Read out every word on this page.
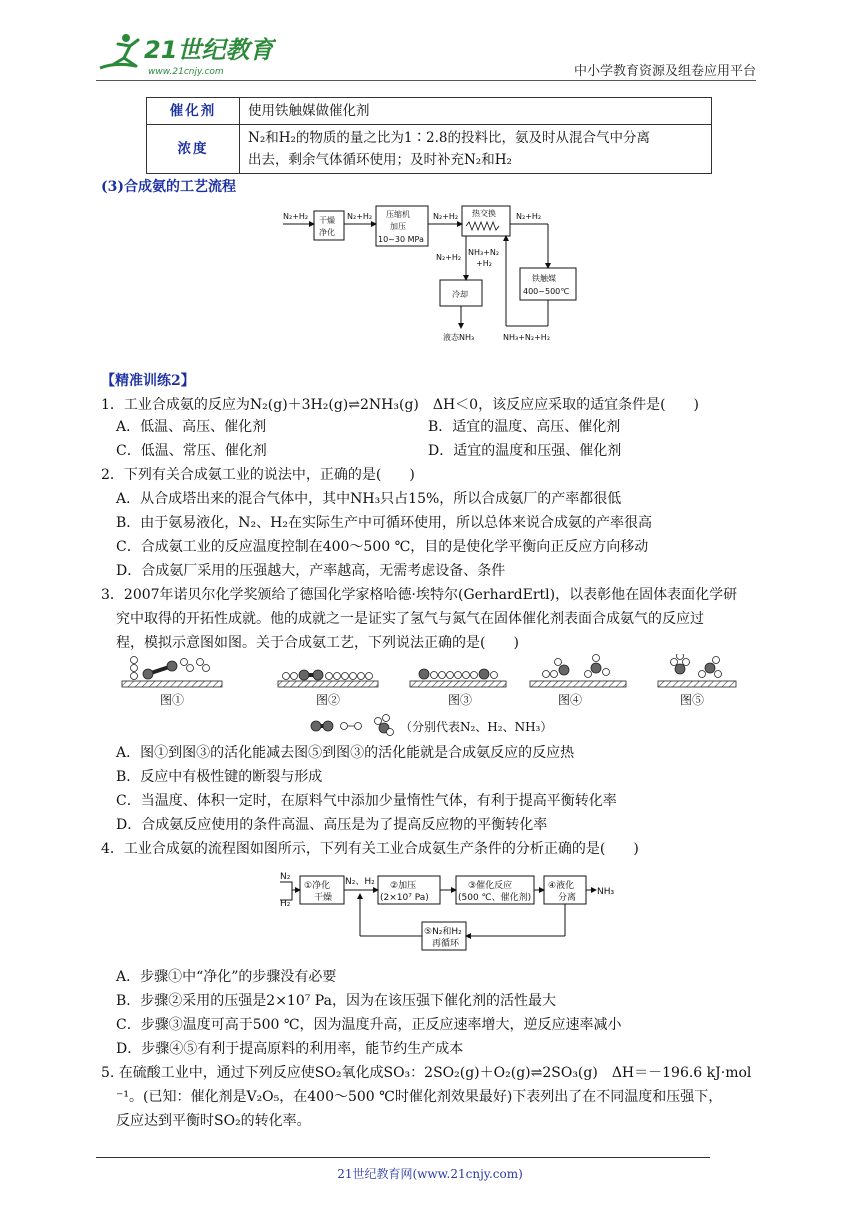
21世纪教育
www.21cnjy.com	中小学教育资源及组卷应用平台
催化剂	使用铁触媒做催化剂
浓度	N₂和H₂的物质的量之比为1∶2.8的投料比，氨及时从混合气中分离
出去，剩余气体循环使用；及时补充N₂和H₂
(3)合成氨的工艺流程
N₂+H₂ 干燥
净化
N₂+H₂ 压缩机
加压
10~30 MPa
N₂+H₂ 热交换	N₂+H₂
铁触媒
400~500℃
NH₃+N₂
+H₂
N₂+H₂
冷却
液态NH₃	NH₃+N₂+H₂
【精准训练2】
1．工业合成氨的反应为N₂(g)＋3H₂(g)⇌2NH₃(g)　ΔH＜0，该反应应采取的适宜条件是(　　)
A．低温、高压、催化剂	B．适宜的温度、高压、催化剂
C．低温、常压、催化剂	D．适宜的温度和压强、催化剂
2．下列有关合成氨工业的说法中，正确的是(　　)
A．从合成塔出来的混合气体中，其中NH₃只占15%，所以合成氨厂的产率都很低
B．由于氨易液化，N₂、H₂在实际生产中可循环使用，所以总体来说合成氨的产率很高
C．合成氨工业的反应温度控制在400～500 ℃，目的是使化学平衡向正反应方向移动
D．合成氨厂采用的压强越大，产率越高，无需考虑设备、条件
3．2007年诺贝尔化学奖颁给了德国化学家格哈德·埃特尔(GerhardErtl)，以表彰他在固体表面化学研
究中取得的开拓性成就。他的成就之一是证实了氢气与氮气在固体催化剂表面合成氨气的反应过
程，模拟示意图如图。关于合成氨工艺，下列说法正确的是(　　)
图①	图②	图③	图④	图⑤
（分别代表N₂、H₂、NH₃）
A．图①到图③的活化能减去图⑤到图③的活化能就是合成氨反应的反应热
B．反应中有极性键的断裂与形成
C．当温度、体积一定时，在原料气中添加少量惰性气体，有利于提高平衡转化率
D．合成氨反应使用的条件高温、高压是为了提高反应物的平衡转化率
4．工业合成氨的流程图如图所示，下列有关工业合成氨生产条件的分析正确的是(　　)
N₂
H₂
①净化
干燥
N₂、H₂ ②加压
(2×10⁷ Pa)
③催化反应
(500 ℃、催化剂)
④液化
分离
NH₃
⑤N₂和H₂
再循环
A．步骤①中“净化”的步骤没有必要
B．步骤②采用的压强是2×10⁷ Pa，因为在该压强下催化剂的活性最大
C．步骤③温度可高于500 ℃，因为温度升高，正反应速率增大，逆反应速率减小
D．步骤④⑤有利于提高原料的利用率，能节约生产成本
5. 在硫酸工业中，通过下列反应使SO₂氧化成SO₃：2SO₂(g)＋O₂(g)⇌2SO₃(g)　ΔH＝－196.6 kJ·mol
⁻¹。(已知：催化剂是V₂O₅，在400～500 ℃时催化剂效果最好)下表列出了在不同温度和压强下，
反应达到平衡时SO₂的转化率。
21世纪教育网(www.21cnjy.com)
